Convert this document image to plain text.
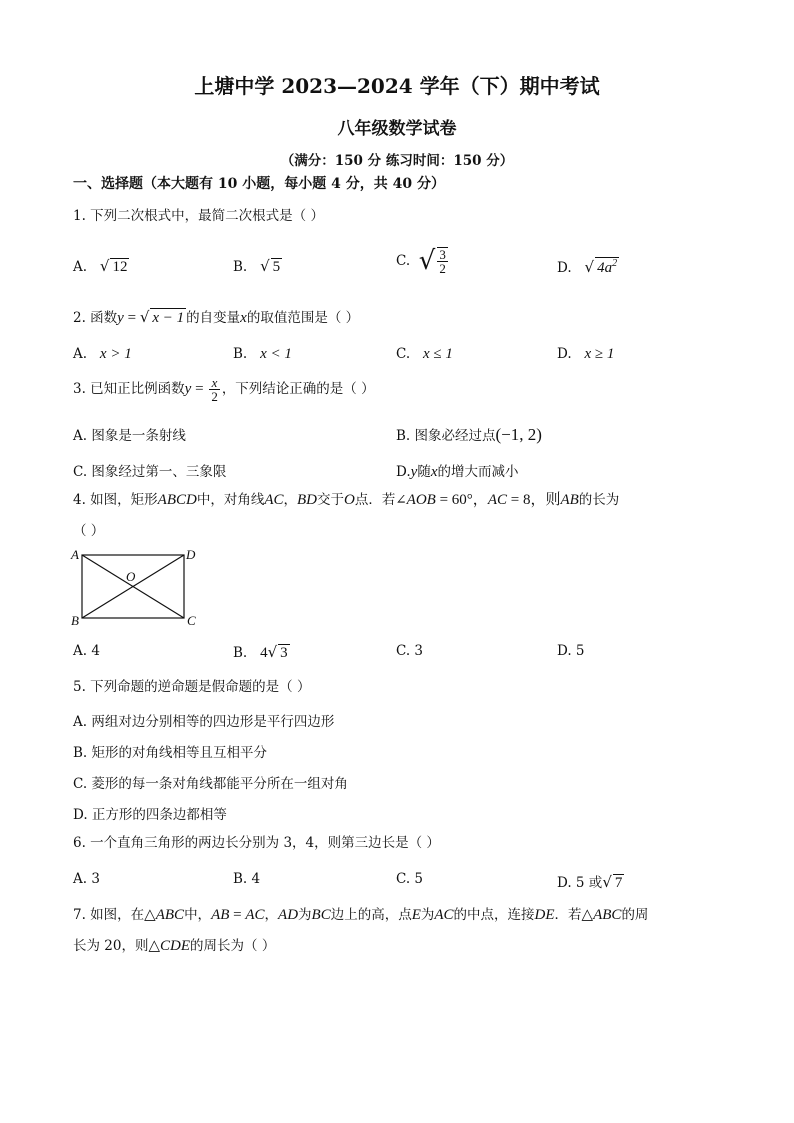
上塘中学 2023—2024 学年（下）期中考试
八年级数学试卷
（满分：150 分 练习时间：150 分）
一、选择题（本大题有 10 小题，每小题 4 分，共 40 分）
1. 下列二次根式中，最简二次根式是（ ）
A. √ 12	B. √ 5	C. √ $\frac{3}{2}$	D. √ $4a^2$
2. 函数y = √ x − 1 的自变量x的取值范围是（ ）
A. x > 1	B. x < 1	C. x ≤ 1	D. x ≥ 1
3. 已知正比例函数$y = \frac{x}{2}$ ，下列结论正确的是（ ）
A. 图象是一条射线	B. 图象必经过点(−1, 2)
C. 图象经过第一、三象限	D.y随x的增大而减小
4. 如图，矩形ABCD中，对角线AC，BD交于O点．若∠AOB = 60°，AC = 8，则AB的长为
（ ）
A
B	C
D
O
A. 4	B. 4√ 3	C. 3	D. 5
5. 下列命题的逆命题是假命题的是（ ）
A. 两组对边分别相等的四边形是平行四边形
B. 矩形的对角线相等且互相平分
C. 菱形的每一条对角线都能平分所在一组对角
D. 正方形的四条边都相等
6. 一个直角三角形的两边长分别为 3，4，则第三边长是（ ）
A. 3	B. 4	C. 5	D. 5 或√ 7
7. 如图，在△ABC中，AB = AC，AD为BC边上的高，点E为AC的中点，连接DE．若△ABC的周
长为 20，则△CDE的周长为（ ）
